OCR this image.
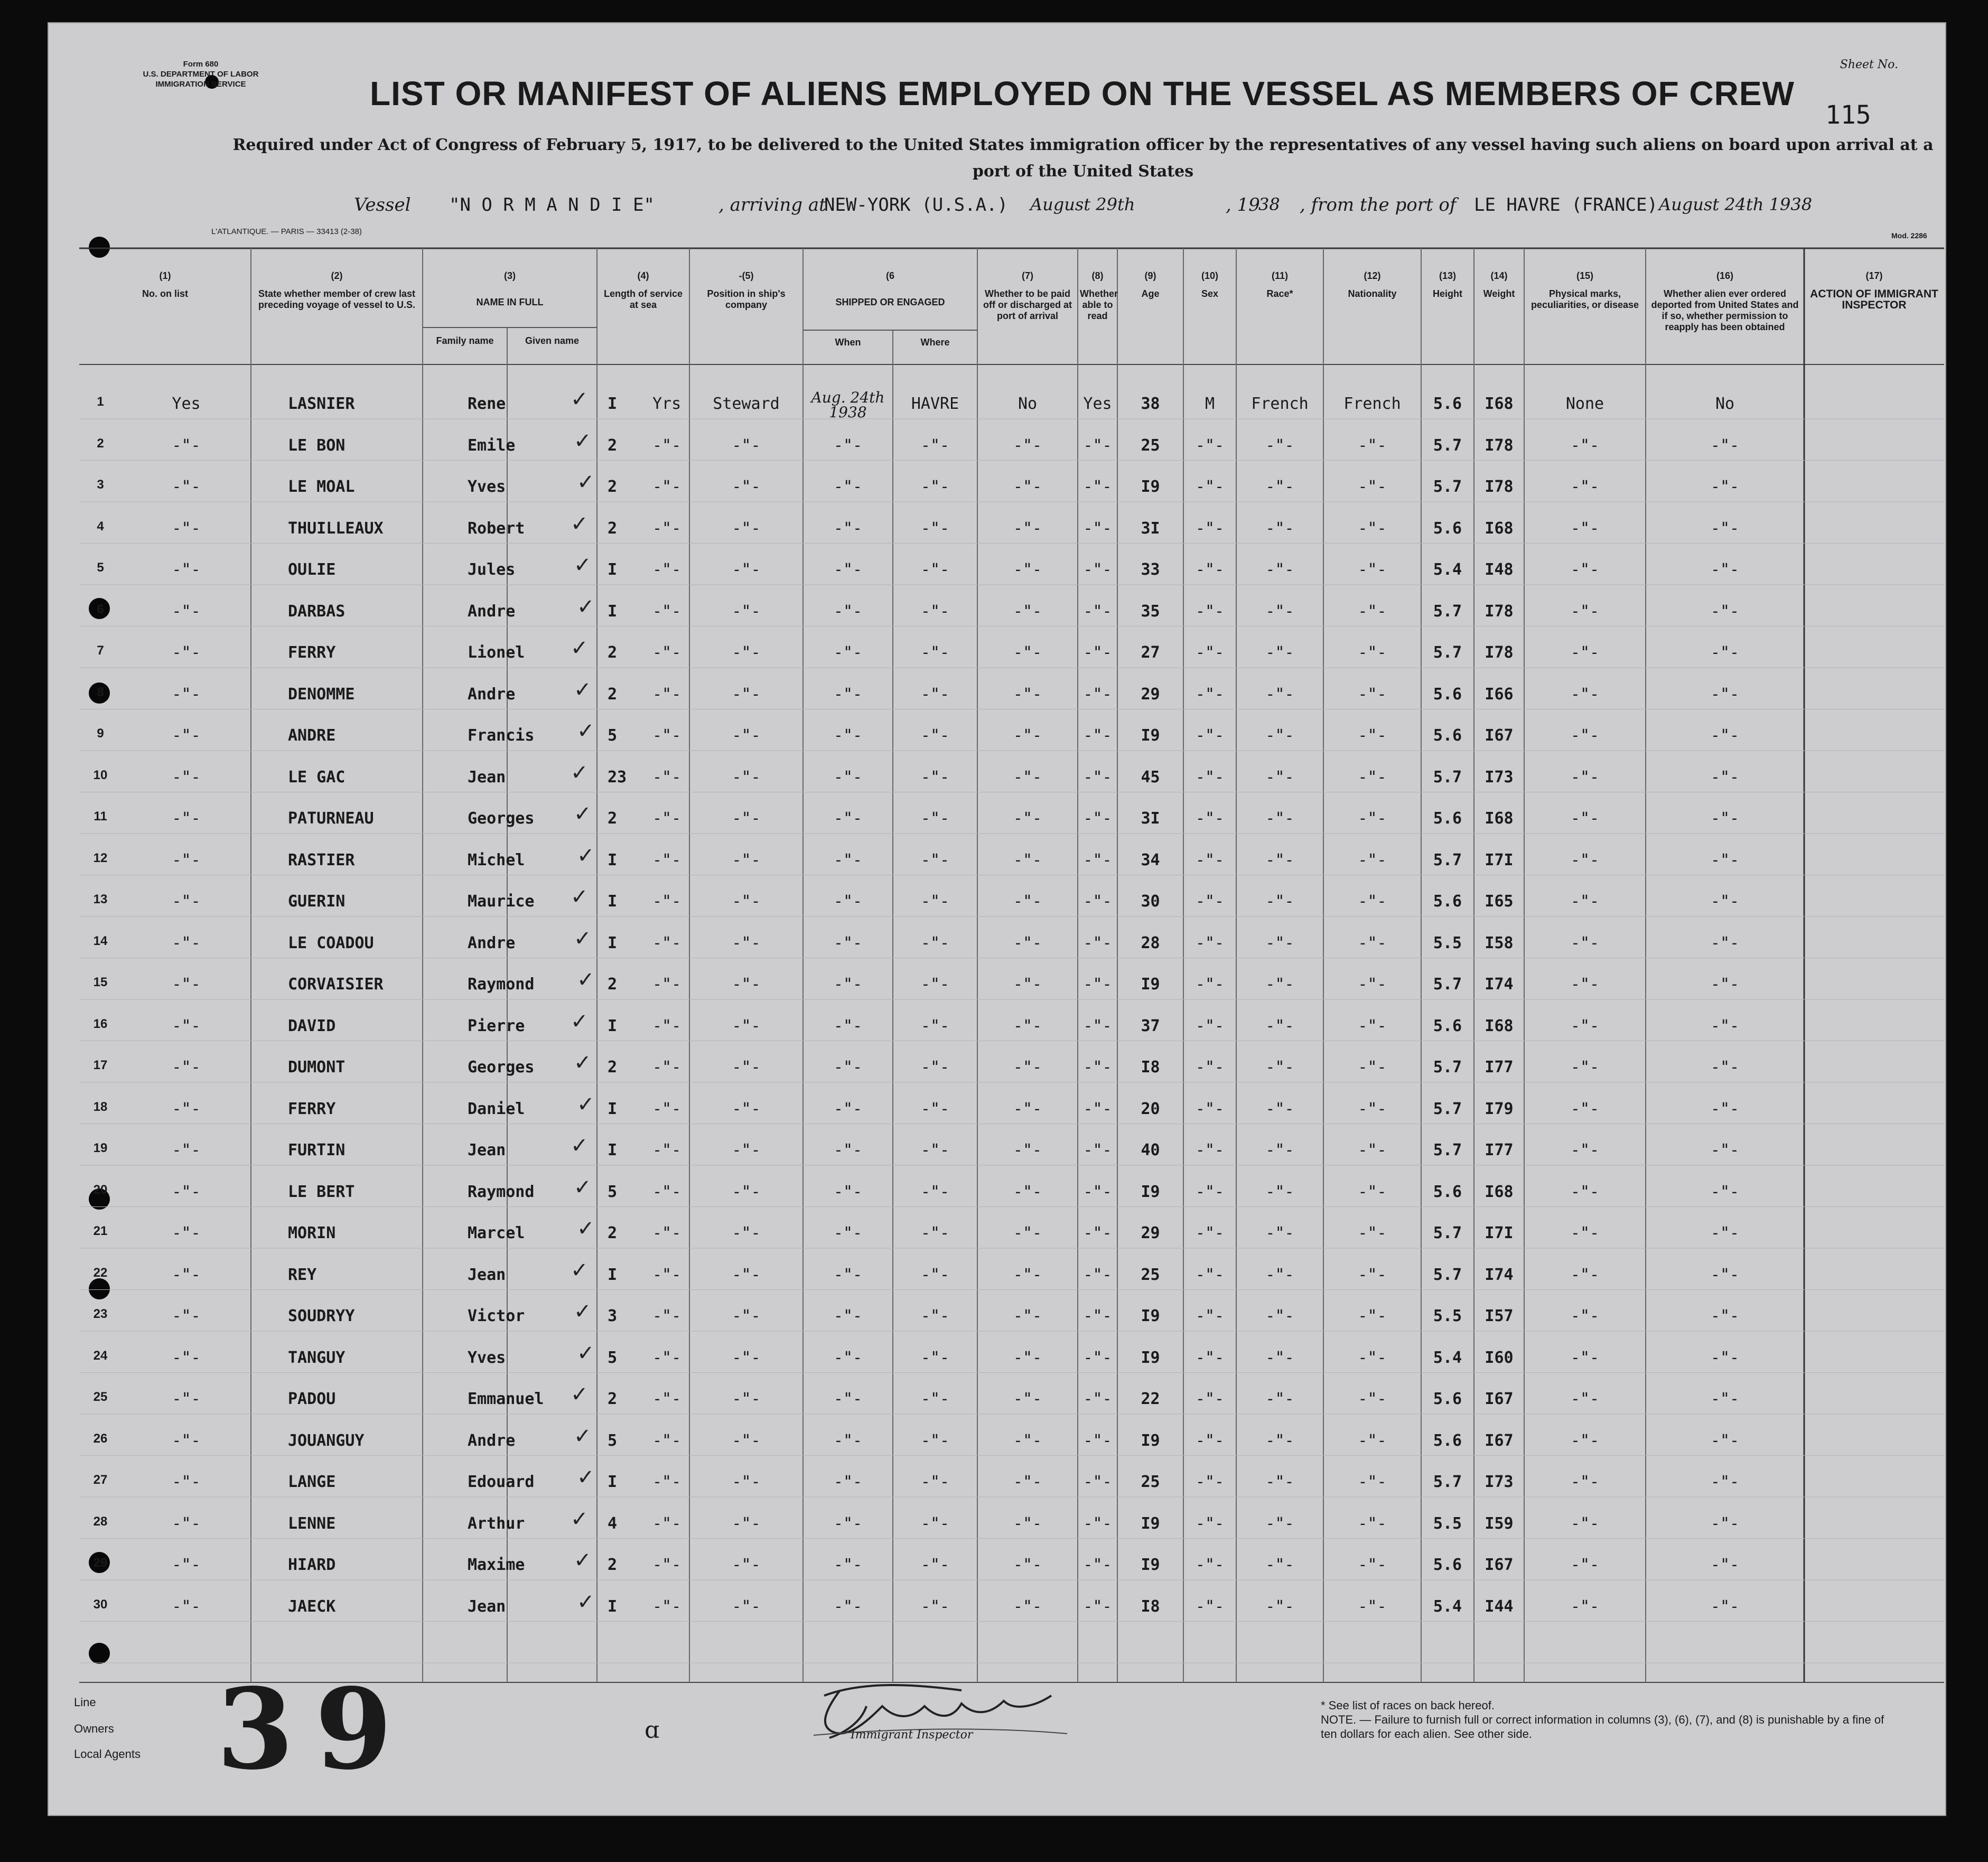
Form 680
U.S. DEPARTMENT OF LABOR
IMMIGRATION SERVICE
Sheet No.
115
LIST OR MANIFEST OF ALIENS EMPLOYED ON THE VESSEL AS MEMBERS OF CREW
Required under Act of Congress of February 5, 1917, to be delivered to the United States immigration officer by the representatives of any vessel having such aliens on board upon arrival at a port of the United States
Vessel "N O R M A N D I E"	, arriving at
NEW-YORK (U.S.A.) August 29th	, 19
38 , from the port of LE HAVRE (FRANCE) August 24th 1938
L'ATLANTIQUE. — PARIS — 33413 (2-38)	Mod. 2286
(1)
No. on list
(2)
State whether member of crew last preceding voyage of vessel to U.S.
(3)
NAME IN FULL
(4)
Length of service at sea
-(5)
Position in ship's company
(6
SHIPPED OR ENGAGED
(7)
Whether to be paid off or discharged at port of arrival
(8)
Whether able to read
(9)
Age
(10)
Sex
(11)
Race*
(12)
Nationality
(13)
Height
(14)
Weight
(15)
Physical marks, peculiarities, or disease
(16)
Whether alien ever ordered deported from United States and if so, whether permission to reapply has been obtained
(17)
ACTION OF IMMIGRANT INSPECTOR
Family name	Given name	When	Where
1	Yes	LASNIER	Rene	✓ I Yrs	Steward	Aug. 24th 1938	HAVRE	No	Yes	38	M	French	French	5.6	I68	None	No
2	-"-	LE BON	Emile	✓ 2 -"-	-"-	-"-	-"-	-"-	-"-	25	-"-	-"-	-"-	5.7	I78	-"-	-"-
3	-"-	LE MOAL	Yves	✓ 2 -"-	-"-	-"-	-"-	-"-	-"-	I9	-"-	-"-	-"-	5.7	I78	-"-	-"-
4	-"-	THUILLEAUX	Robert ✓ 2 -"-	-"-	-"-	-"-	-"-	-"-	3I	-"-	-"-	-"-	5.6	I68	-"-	-"-
5	-"-	OULIE	Jules	✓ I -"-	-"-	-"-	-"-	-"-	-"-	33	-"-	-"-	-"-	5.4	I48	-"-	-"-
6	-"-	DARBAS	Andre	✓ I -"-	-"-	-"-	-"-	-"-	-"-	35	-"-	-"-	-"-	5.7	I78	-"-	-"-
7	-"-	FERRY	Lionel ✓ 2 -"-	-"-	-"-	-"-	-"-	-"-	27	-"-	-"-	-"-	5.7	I78	-"-	-"-
8	-"-	DENOMME	Andre	✓ 2 -"-	-"-	-"-	-"-	-"-	-"-	29	-"-	-"-	-"-	5.6	I66	-"-	-"-
9	-"-	ANDRE	Francis ✓ 5 -"-	-"-	-"-	-"-	-"-	-"-	I9	-"-	-"-	-"-	5.6	I67	-"-	-"-
10	-"-	LE GAC	Jean	✓ 23 -"-	-"-	-"-	-"-	-"-	-"-	45	-"-	-"-	-"-	5.7	I73	-"-	-"-
11	-"-	PATURNEAU	Georges ✓ 2 -"-	-"-	-"-	-"-	-"-	-"-	3I	-"-	-"-	-"-	5.6	I68	-"-	-"-
12	-"-	RASTIER	Michel ✓ I -"-	-"-	-"-	-"-	-"-	-"-	34	-"-	-"-	-"-	5.7	I7I	-"-	-"-
13	-"-	GUERIN	Maurice ✓ I -"-	-"-	-"-	-"-	-"-	-"-	30	-"-	-"-	-"-	5.6	I65	-"-	-"-
14	-"-	LE COADOU	Andre	✓ I -"-	-"-	-"-	-"-	-"-	-"-	28	-"-	-"-	-"-	5.5	I58	-"-	-"-
15	-"-	CORVAISIER	Raymond ✓ 2 -"-	-"-	-"-	-"-	-"-	-"-	I9	-"-	-"-	-"-	5.7	I74	-"-	-"-
16	-"-	DAVID	Pierre ✓ I -"-	-"-	-"-	-"-	-"-	-"-	37	-"-	-"-	-"-	5.6	I68	-"-	-"-
17	-"-	DUMONT	Georges ✓ 2 -"-	-"-	-"-	-"-	-"-	-"-	I8	-"-	-"-	-"-	5.7	I77	-"-	-"-
18	-"-	FERRY	Daniel ✓ I -"-	-"-	-"-	-"-	-"-	-"-	20	-"-	-"-	-"-	5.7	I79	-"-	-"-
19	-"-	FURTIN	Jean	✓ I -"-	-"-	-"-	-"-	-"-	-"-	40	-"-	-"-	-"-	5.7	I77	-"-	-"-
20	-"-	LE BERT	Raymond ✓ 5 -"-	-"-	-"-	-"-	-"-	-"-	I9	-"-	-"-	-"-	5.6	I68	-"-	-"-
21	-"-	MORIN	Marcel ✓ 2 -"-	-"-	-"-	-"-	-"-	-"-	29	-"-	-"-	-"-	5.7	I7I	-"-	-"-
22	-"-	REY	Jean	✓ I -"-	-"-	-"-	-"-	-"-	-"-	25	-"-	-"-	-"-	5.7	I74	-"-	-"-
23	-"-	SOUDRYY	Victor ✓ 3 -"-	-"-	-"-	-"-	-"-	-"-	I9	-"-	-"-	-"-	5.5	I57	-"-	-"-
24	-"-	TANGUY	Yves	✓ 5 -"-	-"-	-"-	-"-	-"-	-"-	I9	-"-	-"-	-"-	5.4	I60	-"-	-"-
25	-"-	PADOU	Emmanuel ✓ 2 -"-	-"-	-"-	-"-	-"-	-"-	22	-"-	-"-	-"-	5.6	I67	-"-	-"-
26	-"-	JOUANGUY	Andre	✓ 5 -"-	-"-	-"-	-"-	-"-	-"-	I9	-"-	-"-	-"-	5.6	I67	-"-	-"-
27	-"-	LANGE	Edouard ✓ I -"-	-"-	-"-	-"-	-"-	-"-	25	-"-	-"-	-"-	5.7	I73	-"-	-"-
28	-"-	LENNE	Arthur ✓ 4 -"-	-"-	-"-	-"-	-"-	-"-	I9	-"-	-"-	-"-	5.5	I59	-"-	-"-
29	-"-	HIARD	Maxime ✓ 2 -"-	-"-	-"-	-"-	-"-	-"-	I9	-"-	-"-	-"-	5.6	I67	-"-	-"-
30	-"-	JAECK	Jean	✓ I -"-	-"-	-"-	-"-	-"-	-"-	I8	-"-	-"-	-"-	5.4	I44	-"-	-"-
Line
Owners
Local Agents 39	ɑ	Immigrant Inspector
* See list of races on back hereof.
NOTE. — Failure to furnish full or correct information in columns (3), (6), (7), and (8) is punishable by a fine of ten dollars for each alien. See other side.
